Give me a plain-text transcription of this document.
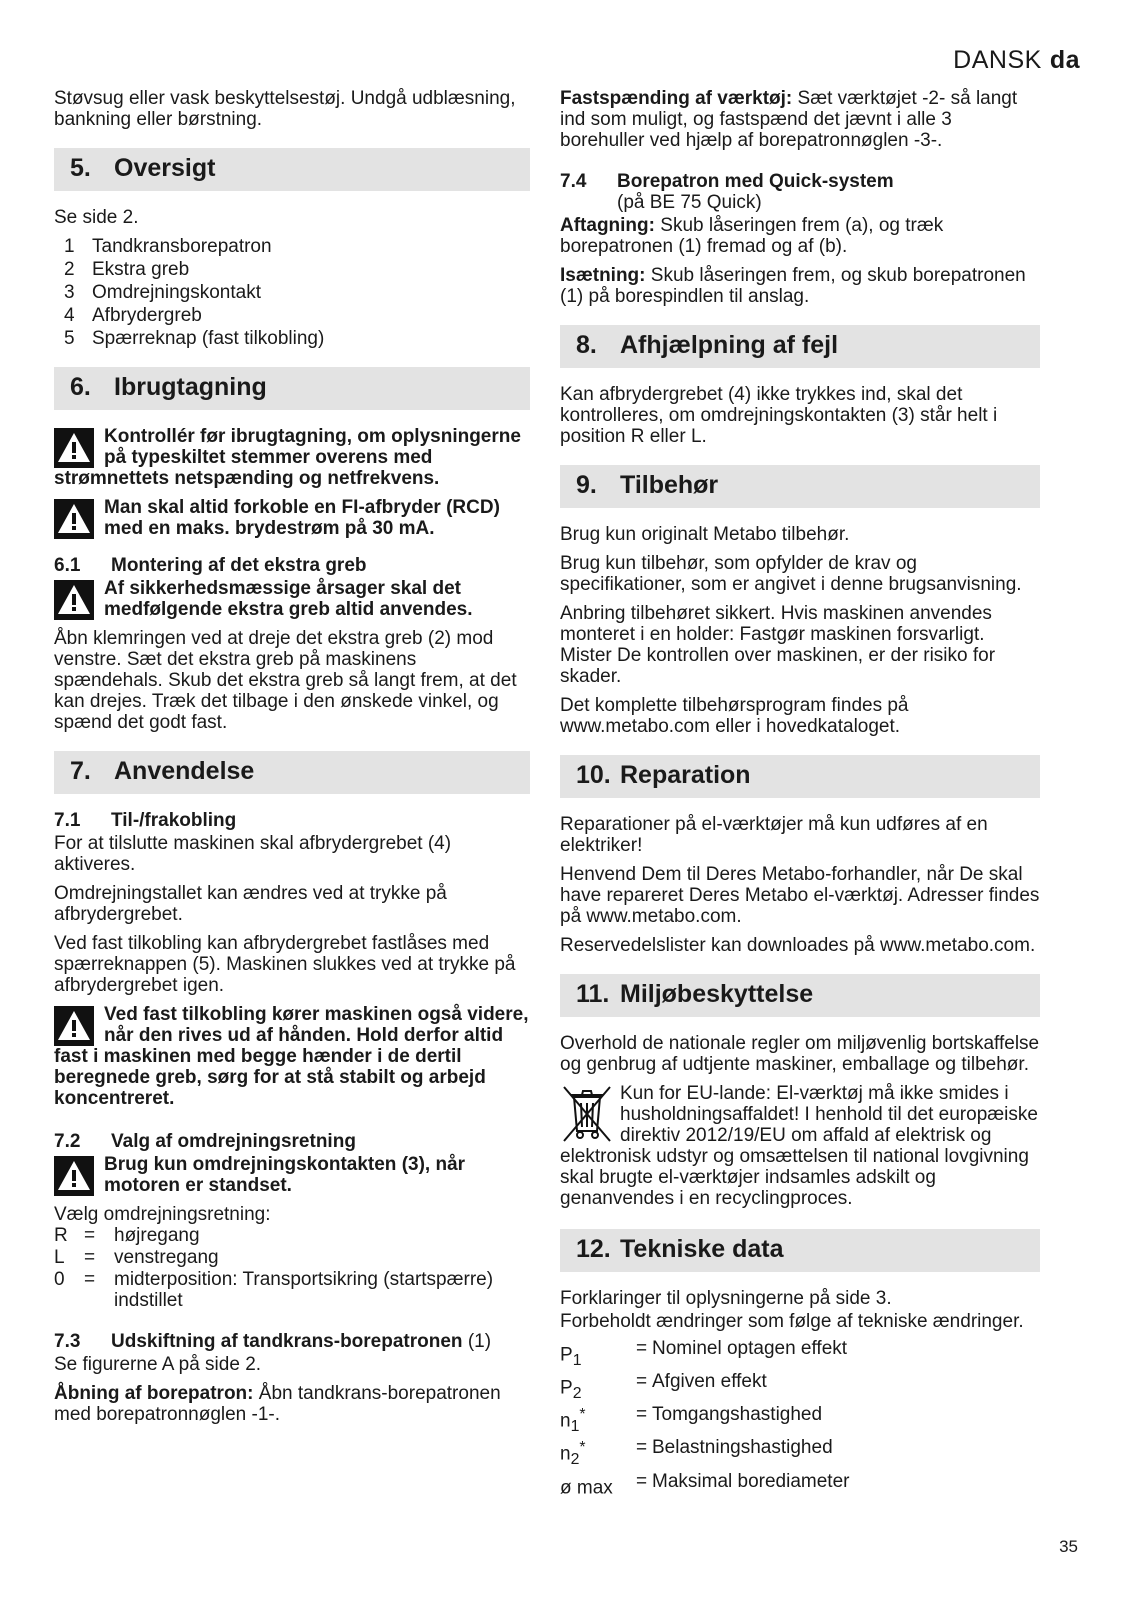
DANSK da

Støvsug eller vask beskyttelsestøj. Undgå udblæsning, bankning eller børstning.

5. Oversigt

Se side 2.

1 Tandkransborepatron
2 Ekstra greb
3 Omdrejningskontakt
4 Afbrydergreb
5 Spærreknap (fast tilkobling)
6. Ibrugtagning
Kontrollér før ibrugtagning, om oplysningerne på typeskiltet stemmer overens med strømnettets netspænding og netfrekvens.
Man skal altid forkoble en FI-afbryder (RCD) med en maks. brydestrøm på 30 mA.
6.1 Montering af det ekstra greb
Af sikkerhedsmæssige årsager skal det medfølgende ekstra greb altid anvendes.

Åbn klemringen ved at dreje det ekstra greb (2) mod venstre. Sæt det ekstra greb på maskinens spændehals. Skub det ekstra greb så langt frem, at det kan drejes. Træk det tilbage i den ønskede vinkel, og spænd det godt fast.

7. Anvendelse
7.1 Til-/frakobling

For at tilslutte maskinen skal afbrydergrebet (4) aktiveres.

Omdrejningstallet kan ændres ved at trykke på afbrydergrebet.

Ved fast tilkobling kan afbrydergrebet fastlåses med spærreknappen (5). Maskinen slukkes ved at trykke på afbrydergrebet igen.

Ved fast tilkobling kører maskinen også videre, når den rives ud af hånden. Hold derfor altid fast i maskinen med begge hænder i de dertil beregnede greb, sørg for at stå stabilt og arbejd koncentreret.
7.2 Valg af omdrejningsretning
Brug kun omdrejningskontakten (3), når motoren er standset.

Vælg omdrejningsretning:

R = højregang
L	= venstregang
0	= midterposition: Transportsikring (startspærre) indstillet
7.3 Udskiftning af tandkrans-borepatronen (1)

Se figurerne A på side 2.

Åbning af borepatron: Åbn tandkrans-borepatronen med borepatronnøglen -1-.

Fastspænding af værktøj: Sæt værktøjet -2- så langt ind som muligt, og fastspænd det jævnt i alle 3 borehuller ved hjælp af borepatronnøglen -3-.

7.4 Borepatron med Quick-system
(på BE 75 Quick)

Aftagning: Skub låseringen frem (a), og træk borepatronen (1) fremad og af (b).

Isætning: Skub låseringen frem, og skub borepatronen (1) på borespindlen til anslag.

8. Afhjælpning af fejl

Kan afbrydergrebet (4) ikke trykkes ind, skal det kontrolleres, om omdrejningskontakten (3) står helt i position R eller L.

9. Tilbehør

Brug kun originalt Metabo tilbehør.

Brug kun tilbehør, som opfylder de krav og specifikationer, som er angivet i denne brugsanvisning.

Anbring tilbehøret sikkert. Hvis maskinen anvendes monteret i en holder: Fastgør maskinen forsvarligt. Mister De kontrollen over maskinen, er der risiko for skader.

Det komplette tilbehørsprogram findes på www.metabo.com eller i hovedkataloget.

10. Reparation

Reparationer på el-værktøjer må kun udføres af en elektriker!

Henvend Dem til Deres Metabo-forhandler, når De skal have repareret Deres Metabo el-værktøj. Adresser findes på www.metabo.com.

Reservedelslister kan downloades på www.metabo.com.

11. Miljøbeskyttelse

Overhold de nationale regler om miljøvenlig bortskaffelse og genbrug af udtjente maskiner, emballage og tilbehør.

Kun for EU-lande: El-værktøj må ikke smides i husholdningsaffaldet! I henhold til det europæiske direktiv 2012/19/EU om affald af elektrisk og elektronisk udstyr og omsættelsen til national lovgivning skal brugte el-værktøjer indsamles adskilt og genanvendes i en recyclingproces.

12. Tekniske data

Forklaringer til oplysningerne på side 3.

Forbeholdt ændringer som følge af tekniske ændringer.

$P_1$
= Nominel optagen effekt
$P_2$
= Afgiven effekt
$n_1^*$	= Tomgangshastighed
$n_2^*$	= Belastningshastighed
ø max	= Maksimal borediameter
35
